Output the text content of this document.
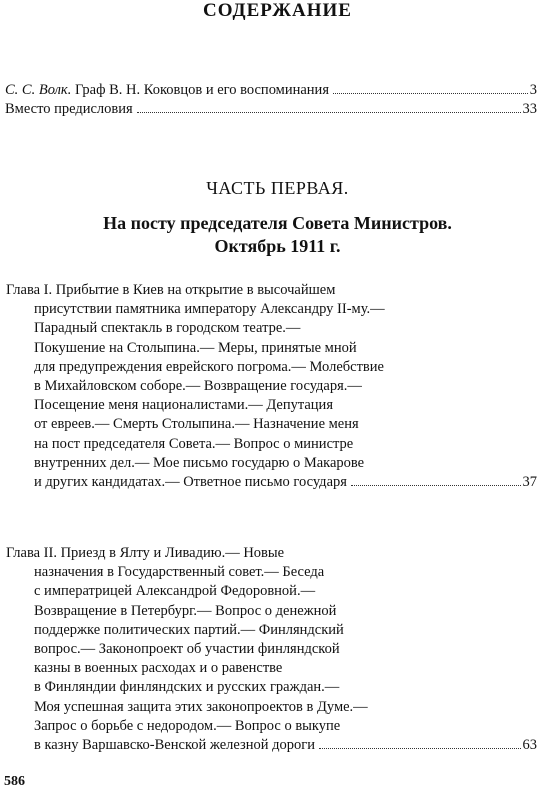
СОДЕРЖАНИЕ
С. С. Волк. Граф В. Н. Коковцов и его воспоминания	3
Вместо предисловия	33
ЧАСТЬ ПЕРВАЯ.
На посту председателя Совета Министров.
Октябрь 1911 г.
Глава I. Прибытие в Киев на открытие в высочайшем
присутствии памятника императору Александру II-му.—
Парадный спектакль в городском театре.—
Покушение на Столыпина.— Меры, принятые мной
для предупреждения еврейского погрома.— Молебствие
в Михайловском соборе.— Возвращение государя.—
Посещение меня националистами.— Депутация
от евреев.— Смерть Столыпина.— Назначение меня
на пост председателя Совета.— Вопрос о министре
внутренних дел.— Мое письмо государю о Макарове
и других кандидатах.— Ответное письмо государя	37
Глава II. Приезд в Ялту и Ливадию.— Новые
назначения в Государственный совет.— Беседа
с императрицей Александрой Федоровной.—
Возвращение в Петербург.— Вопрос о денежной
поддержке политических партий.— Финляндский
вопрос.— Законопроект об участии финляндской
казны в военных расходах и о равенстве
в Финляндии финляндских и русских граждан.—
Моя успешная защита этих законопроектов в Думе.—
Запрос о борьбе с недородом.— Вопрос о выкупе
в казну Варшавско-Венской железной дороги	63
586
